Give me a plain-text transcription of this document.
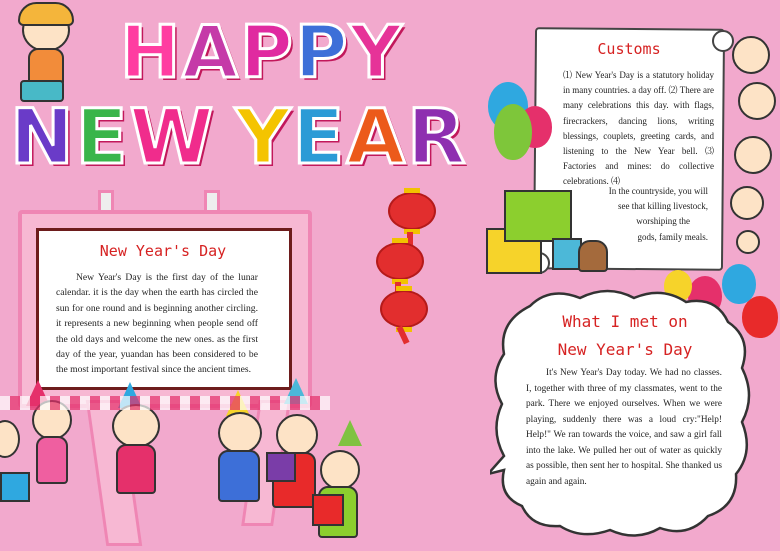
HAPPY
NEW YEAR
New Year's Day
New Year's Day is the first day of the lunar calendar. it is the day when the earth has circled the sun for one round and is beginning another circling. it represents a new beginning when people send off the old days and welcome the new ones. as the first day of the year, yuandan has been considered to be the most important festival since the ancient times.
Customs
⑴ New Year's Day is a statutory holiday in many countries. a day off. ⑵ There are many celebrations this day. with flags, firecrackers, dancing lions, writing blessings, couplets, greeting cards, and listening to the New Year bell. ⑶ Factories and mines: do collective celebrations. ⑷
In the countryside, you will
see that killing livestock,
worshiping the
gods, family meals.
What I met on
New Year's Day
It's New Year's Day today. We had no classes. I, together with three of my classmates, went to the park. There we enjoyed ourselves. When we were playing, suddenly there was a loud cry:"Help! Help!" We ran towards the voice, and saw a girl fall into the lake. We pulled her out of water as quickly as possible, then sent her to hospital. She thanked us again and again.
